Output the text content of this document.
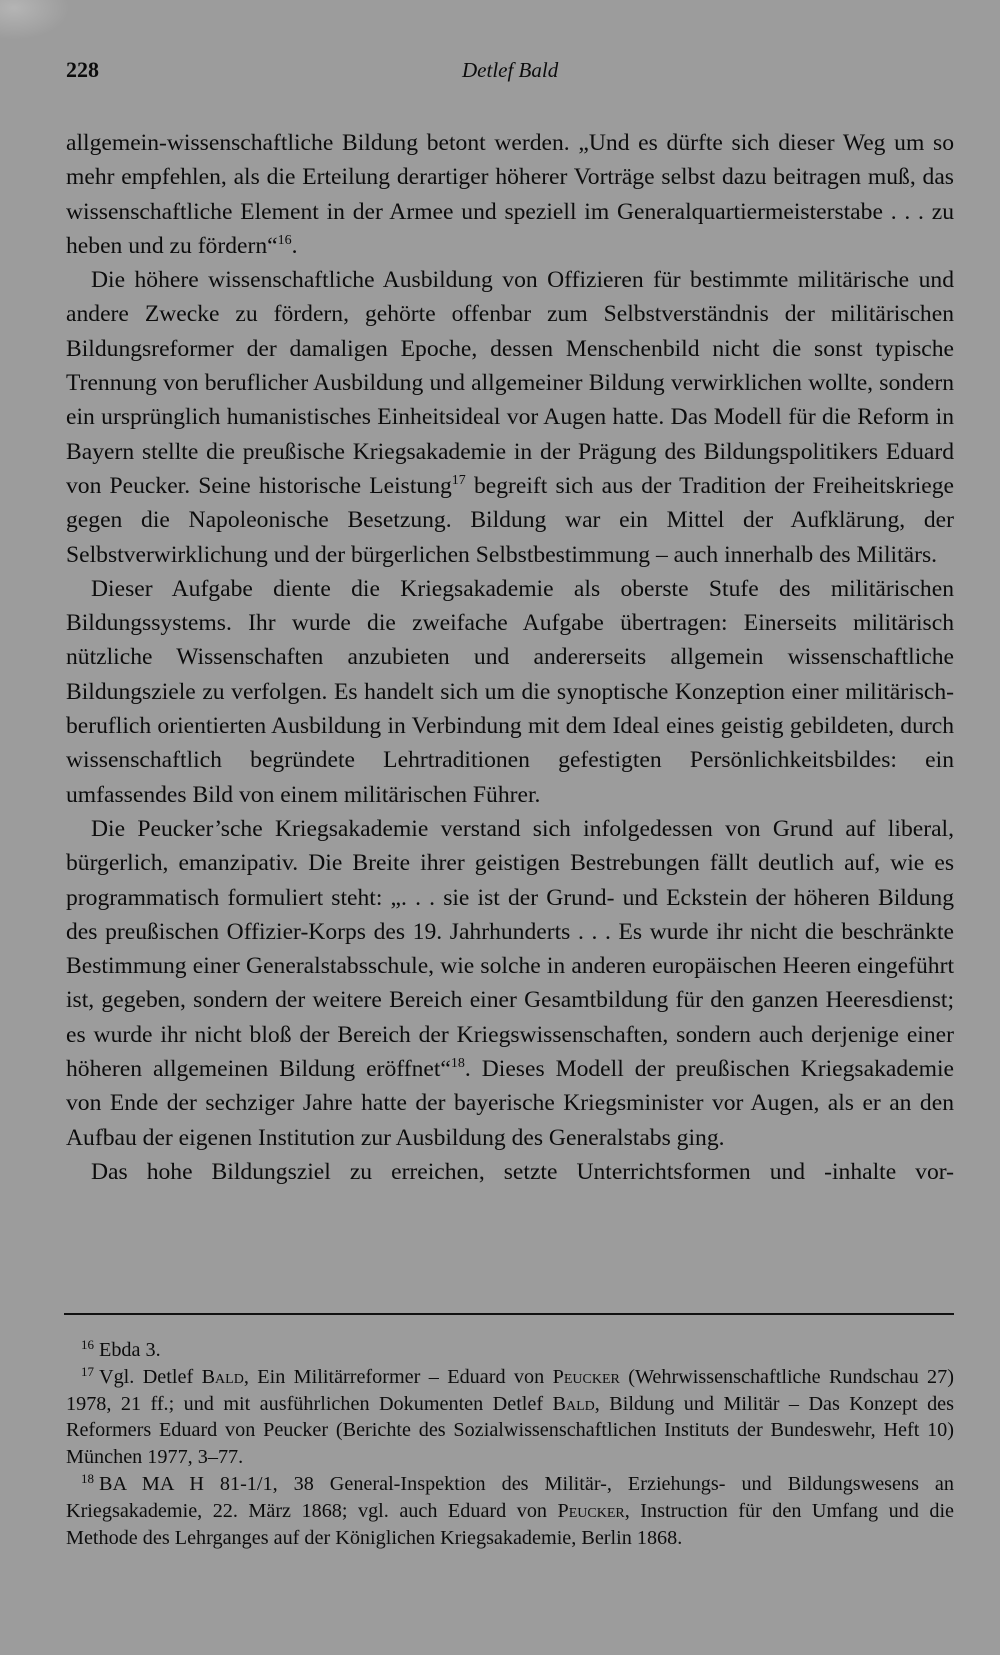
228	Detlef Bald

allgemein-wissenschaftliche Bildung betont werden. „Und es dürfte sich dieser Weg um so mehr empfehlen, als die Erteilung derartiger höherer Vorträge selbst dazu beitragen muß, das wissenschaftliche Element in der Armee und speziell im Generalquartiermeisterstabe . . . zu heben und zu fördern“$^{16}$.

Die höhere wissenschaftliche Ausbildung von Offizieren für bestimmte militärische und andere Zwecke zu fördern, gehörte offenbar zum Selbstverständnis der militärischen Bildungsreformer der damaligen Epoche, dessen Menschenbild nicht die sonst typische Trennung von beruflicher Ausbildung und allgemeiner Bildung verwirklichen wollte, sondern ein ursprünglich humanistisches Einheitsideal vor Augen hatte. Das Modell für die Reform in Bayern stellte die preußische Kriegsakademie in der Prägung des Bildungspolitikers Eduard von Peucker. Seine historische Leistung$^{17}$ begreift sich aus der Tradition der Freiheitskriege gegen die Napoleonische Besetzung. Bildung war ein Mittel der Aufklärung, der Selbstverwirklichung und der bürgerlichen Selbstbestimmung – auch innerhalb des Militärs.

Dieser Aufgabe diente die Kriegsakademie als oberste Stufe des militärischen Bildungssystems. Ihr wurde die zweifache Aufgabe übertragen: Einerseits militärisch nützliche Wissenschaften anzubieten und andererseits allgemein wissenschaftliche Bildungsziele zu verfolgen. Es handelt sich um die synoptische Konzeption einer militärisch-beruflich orientierten Ausbildung in Verbindung mit dem Ideal eines geistig gebildeten, durch wissenschaftlich begründete Lehrtraditionen gefestigten Persönlichkeitsbildes: ein umfassendes Bild von einem militärischen Führer.

Die Peucker’sche Kriegsakademie verstand sich infolgedessen von Grund auf liberal, bürgerlich, emanzipativ. Die Breite ihrer geistigen Bestrebungen fällt deutlich auf, wie es programmatisch formuliert steht: „. . . sie ist der Grund- und Eckstein der höheren Bildung des preußischen Offizier-Korps des 19. Jahrhunderts . . . Es wurde ihr nicht die beschränkte Bestimmung einer Generalstabsschule, wie solche in anderen europäischen Heeren eingeführt ist, gegeben, sondern der weitere Bereich einer Gesamtbildung für den ganzen Heeresdienst; es wurde ihr nicht bloß der Bereich der Kriegswissenschaften, sondern auch derjenige einer höheren allgemeinen Bildung eröffnet“$^{18}$. Dieses Modell der preußischen Kriegsakademie von Ende der sechziger Jahre hatte der bayerische Kriegsminister vor Augen, als er an den Aufbau der eigenen Institution zur Ausbildung des Generalstabs ging.

Das hohe Bildungsziel zu erreichen, setzte Unterrichtsformen und -inhalte vor-

$^{16}$ Ebda 3.

$^{17}$ Vgl. Detlef Bald, Ein Militärreformer – Eduard von Peucker (Wehrwissenschaftliche Rundschau 27) 1978, 21 ff.; und mit ausführlichen Dokumenten Detlef Bald, Bildung und Militär – Das Konzept des Reformers Eduard von Peucker (Berichte des Sozialwissenschaftlichen Instituts der Bundeswehr, Heft 10) München 1977, 3–77.

$^{18}$ BA MA H 81-1/1, 38 General-Inspektion des Militär-, Erziehungs- und Bildungswesens an Kriegsakademie, 22. März 1868; vgl. auch Eduard von Peucker, Instruction für den Umfang und die Methode des Lehrganges auf der Königlichen Kriegsakademie, Berlin 1868.
